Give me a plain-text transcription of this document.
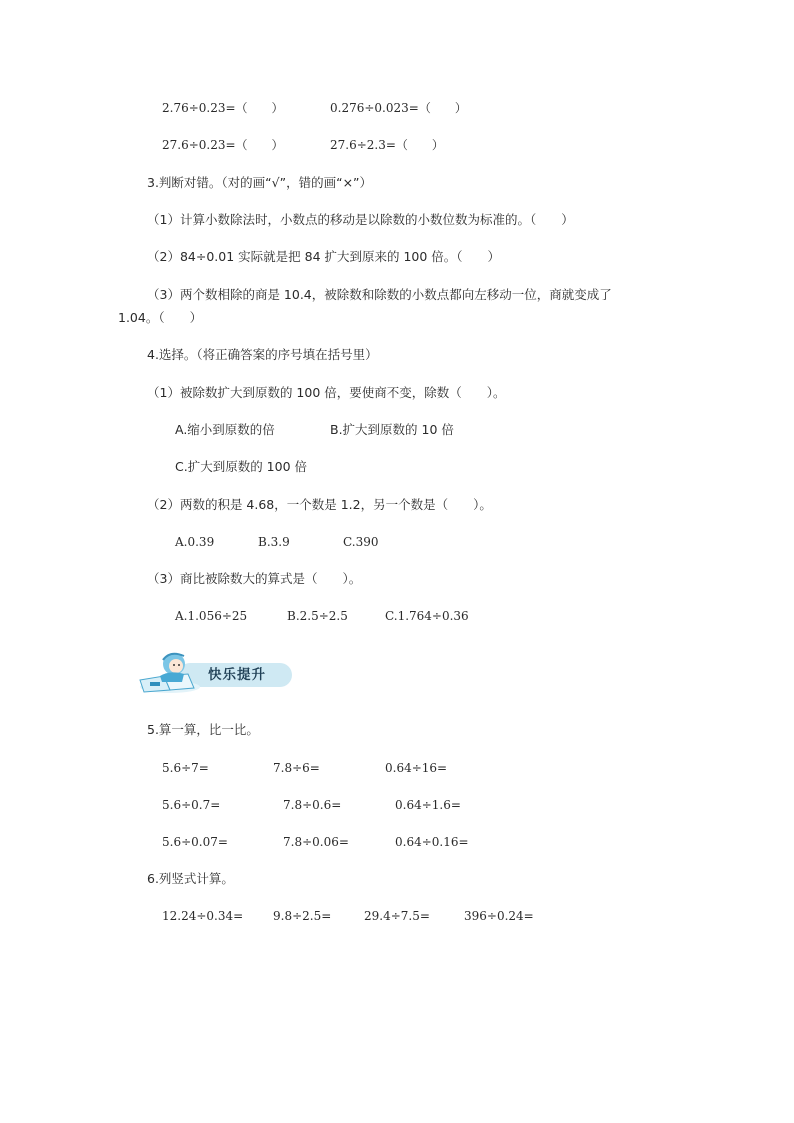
2.76÷0.23=（　　）	0.276÷0.023=（　　）
27.6÷0.23=（　　）	27.6÷2.3=（　　）
3.判断对错。（对的画“√”，错的画“×”）
（1）计算小数除法时，小数点的移动是以除数的小数位数为标准的。（　　）
（2）84÷0.01 实际就是把 84 扩大到原来的 100 倍。（　　）
（3）两个数相除的商是 10.4，被除数和除数的小数点都向左移动一位，商就变成了
1.04。（　　）
4.选择。（将正确答案的序号填在括号里）
（1）被除数扩大到原数的 100 倍，要使商不变，除数（　　）。
A.缩小到原数的倍	B.扩大到原数的 10 倍
C.扩大到原数的 100 倍
（2）两数的积是 4.68，一个数是 1.2，另一个数是（　　）。
A.0.39	B.3.9	C.390
（3）商比被除数大的算式是（　　）。
A.1.056÷25	B.2.5÷2.5	C.1.764÷0.36
快乐提升
5.算一算，比一比。
5.6÷7=	7.8÷6=	0.64÷16=
5.6÷0.7=	7.8÷0.6=	0.64÷1.6=
5.6÷0.07=	7.8÷0.06=	0.64÷0.16=
6.列竖式计算。
12.24÷0.34= 9.8÷2.5=	29.4÷7.5=	396÷0.24=
